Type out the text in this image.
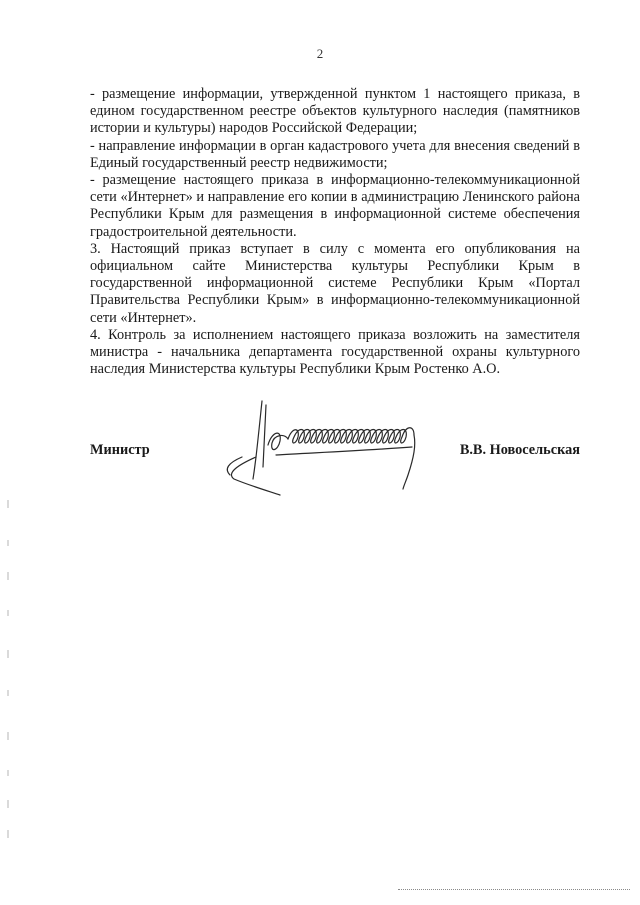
2

- размещение информации, утвержденной пунктом 1 настоящего приказа, в едином государственном реестре объектов культурного наследия (памятников истории и культуры) народов Российской Федерации;

- направление информации в орган кадастрового учета для внесения сведений в Единый государственный реестр недвижимости;

- размещение настоящего приказа в информационно-телекоммуникационной сети «Интернет» и направление его копии в администрацию Ленинского района Республики Крым для размещения в информационной системе обеспечения градостроительной деятельности.

3. Настоящий приказ вступает в силу с момента его опубликования на официальном сайте Министерства культуры Республики Крым в государственной информационной системе Республики Крым «Портал Правительства Республики Крым» в информационно-телекоммуникационной сети «Интернет».

4. Контроль за исполнением настоящего приказа возложить на заместителя министра - начальника департамента государственной охраны культурного наследия Министерства культуры Республики Крым Ростенко А.О.

Министр	В.В. Новосельская
